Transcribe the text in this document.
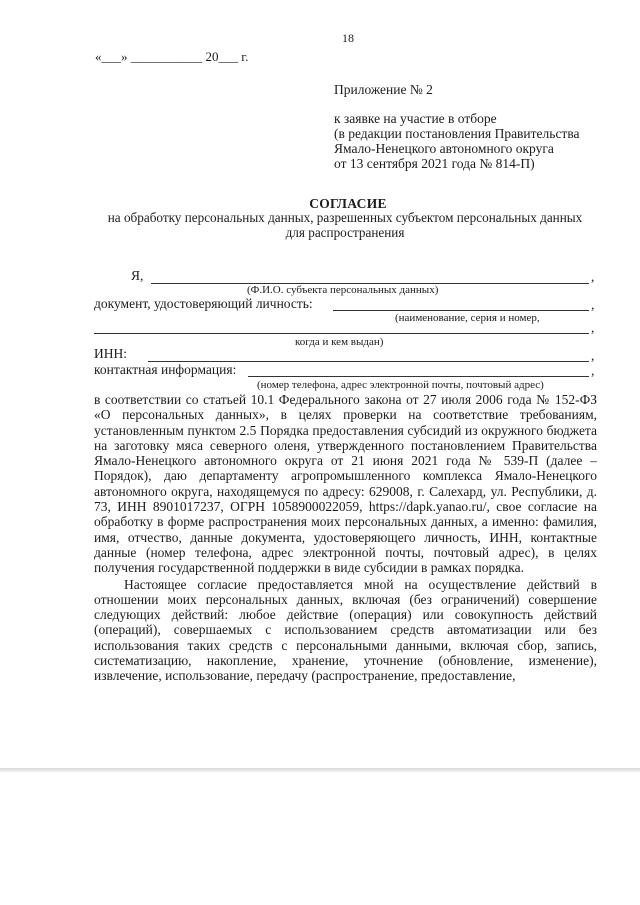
18
«___» ___________ 20___ г.
Приложение № 2
к заявке на участие в отборе
(в редакции постановления Правительства
Ямало-Ненецкого автономного округа
от 13 сентября 2021 года № 814-П)
СОГЛАСИЕ
на обработку персональных данных, разрешенных субъектом персональных данных для распространения
Я,	,
(Ф.И.О. субъекта персональных данных)
документ, удостоверяющий личность:	,
(наименование, серия и номер,
,
когда и кем выдан)
ИНН:	,
контактная информация:	,
(номер телефона, адрес электронной почты, почтовый адрес)

в соответствии со статьей 10.1 Федерального закона от 27 июля 2006 года № 152-ФЗ «О персональных данных», в целях проверки на соответствие требованиям, установленным пунктом 2.5 Порядка предоставления субсидий из окружного бюджета на заготовку мяса северного оленя, утвержденного постановлением Правительства Ямало-Ненецкого автономного округа от 21 июня 2021 года № 539-П (далее – Порядок), даю департаменту агропромышленного комплекса Ямало-Ненецкого автономного округа, находящемуся по адресу: 629008, г. Салехард, ул. Республики, д. 73, ИНН 8901017237, ОГРН 1058900022059, https://dapk.yanao.ru/, свое согласие на обработку в форме распространения моих персональных данных, а именно: фамилия, имя, отчество, данные документа, удостоверяющего личность, ИНН, контактные данные (номер телефона, адрес электронной почты, почтовый адрес), в целях получения государственной поддержки в виде субсидии в рамках порядка.

Настоящее согласие предоставляется мной на осуществление действий в отношении моих персональных данных, включая (без ограничений) совершение следующих действий: любое действие (операция) или совокупность действий (операций), совершаемых с использованием средств автоматизации или без использования таких средств с персональными данными, включая сбор, запись, систематизацию, накопление, хранение, уточнение (обновление, изменение), извлечение, использование, передачу (распространение, предоставление,
